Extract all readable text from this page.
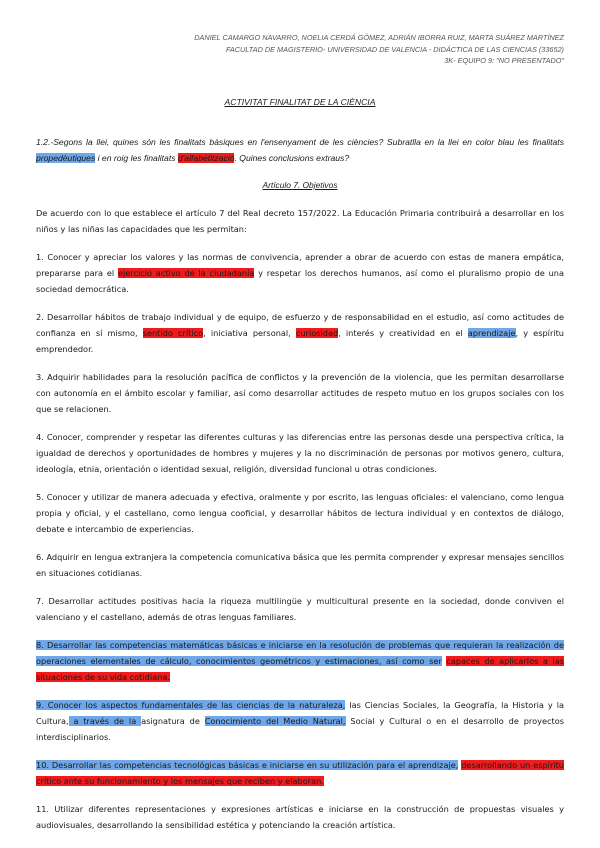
DANIEL CAMARGO NAVARRO, NOELIA CERDÁ GÓMEZ, ADRIÁN IBORRA RUIZ, MARTA SUÁREZ MARTÍNEZ
FACULTAD DE MAGISTERIO- UNIVERSIDAD DE VALENCIA - DIDÁCTICA DE LAS CIENCIAS (33652)
3K- EQUIPO 9: "NO PRESENTADO"
ACTIVITAT FINALITAT DE LA CIÈNCIA
1.2.-Segons la llei, quines són les finalitats bàsiques en l'ensenyament de les ciències? Subratlla en la llei en color blau les finalitats propedèutiques i en roig les finalitats d'alfabetització. Quines conclusions extraus?
Artículo 7. Objetivos

De acuerdo con lo que establece el artículo 7 del Real decreto 157/2022. La Educación Primaria contribuirá a desarrollar en los niños y las niñas las capacidades que les permitan:

1. Conocer y apreciar los valores y las normas de convivencia, aprender a obrar de acuerdo con estas de manera empática, prepararse para el ejercicio activo de la ciudadanía y respetar los derechos humanos, así como el pluralismo propio de una sociedad democrática.

2. Desarrollar hábitos de trabajo individual y de equipo, de esfuerzo y de responsabilidad en el estudio, así como actitudes de confianza en sí mismo, sentido crítico, iniciativa personal, curiosidad, interés y creatividad en el aprendizaje, y espíritu emprendedor.

3. Adquirir habilidades para la resolución pacífica de conflictos y la prevención de la violencia, que les permitan desarrollarse con autonomía en el ámbito escolar y familiar, así como desarrollar actitudes de respeto mutuo en los grupos sociales con los que se relacionen.

4. Conocer, comprender y respetar las diferentes culturas y las diferencias entre las personas desde una perspectiva crítica, la igualdad de derechos y oportunidades de hombres y mujeres y la no discriminación de personas por motivos genero, cultura, ideología, etnia, orientación o identidad sexual, religión, diversidad funcional u otras condiciones.

5. Conocer y utilizar de manera adecuada y efectiva, oralmente y por escrito, las lenguas oficiales: el valenciano, como lengua propia y oficial, y el castellano, como lengua cooficial, y desarrollar hábitos de lectura individual y en contextos de diálogo, debate e intercambio de experiencias.

6. Adquirir en lengua extranjera la competencia comunicativa básica que les permita comprender y expresar mensajes sencillos en situaciones cotidianas.

7. Desarrollar actitudes positivas hacia la riqueza multilingüe y multicultural presente en la sociedad, donde conviven el valenciano y el castellano, además de otras lenguas familiares.

8. Desarrollar las competencias matemáticas básicas e iniciarse en la resolución de problemas que requieran la realización de operaciones elementales de cálculo, conocimientos geométricos y estimaciones, así como ser capaces de aplicarlos a las situaciones de su vida cotidiana.

9. Conocer los aspectos fundamentales de las ciencias de la naturaleza, las Ciencias Sociales, la Geografía, la Historia y la Cultura, a través de la asignatura de Conocimiento del Medio Natural, Social y Cultural o en el desarrollo de proyectos interdisciplinarios.

10. Desarrollar las competencias tecnológicas básicas e iniciarse en su utilización para el aprendizaje, desarrollando un espíritu crítico ante su funcionamiento y los mensajes que reciben y elaboran.

11. Utilizar diferentes representaciones y expresiones artísticas e iniciarse en la construcción de propuestas visuales y audiovisuales, desarrollando la sensibilidad estética y potenciando la creación artística.
